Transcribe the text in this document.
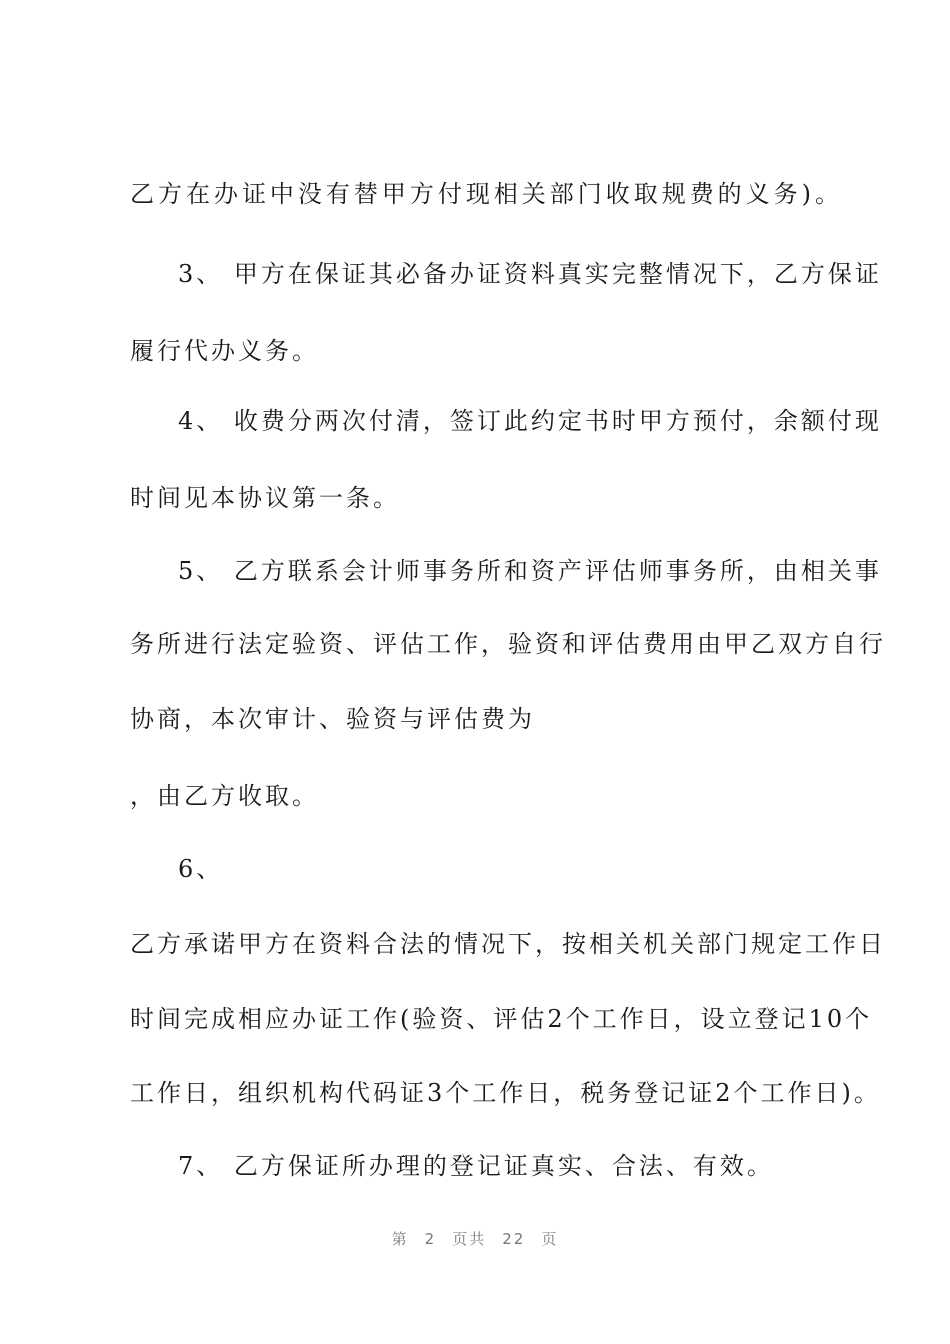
乙方在办证中没有替甲方付现相关部门收取规费的义务)。
3、 甲方在保证其必备办证资料真实完整情况下，乙方保证
履行代办义务。
4、 收费分两次付清，签订此约定书时甲方预付，余额付现
时间见本协议第一条。
5、 乙方联系会计师事务所和资产评估师事务所，由相关事
务所进行法定验资、评估工作，验资和评估费用由甲乙双方自行
协商，本次审计、验资与评估费为
，由乙方收取。
6、
乙方承诺甲方在资料合法的情况下，按相关机关部门规定工作日
时间完成相应办证工作(验资、评估2个工作日，设立登记10个
工作日，组织机构代码证3个工作日，税务登记证2个工作日)。
7、 乙方保证所办理的登记证真实、合法、有效。
第 2 页共 22 页
